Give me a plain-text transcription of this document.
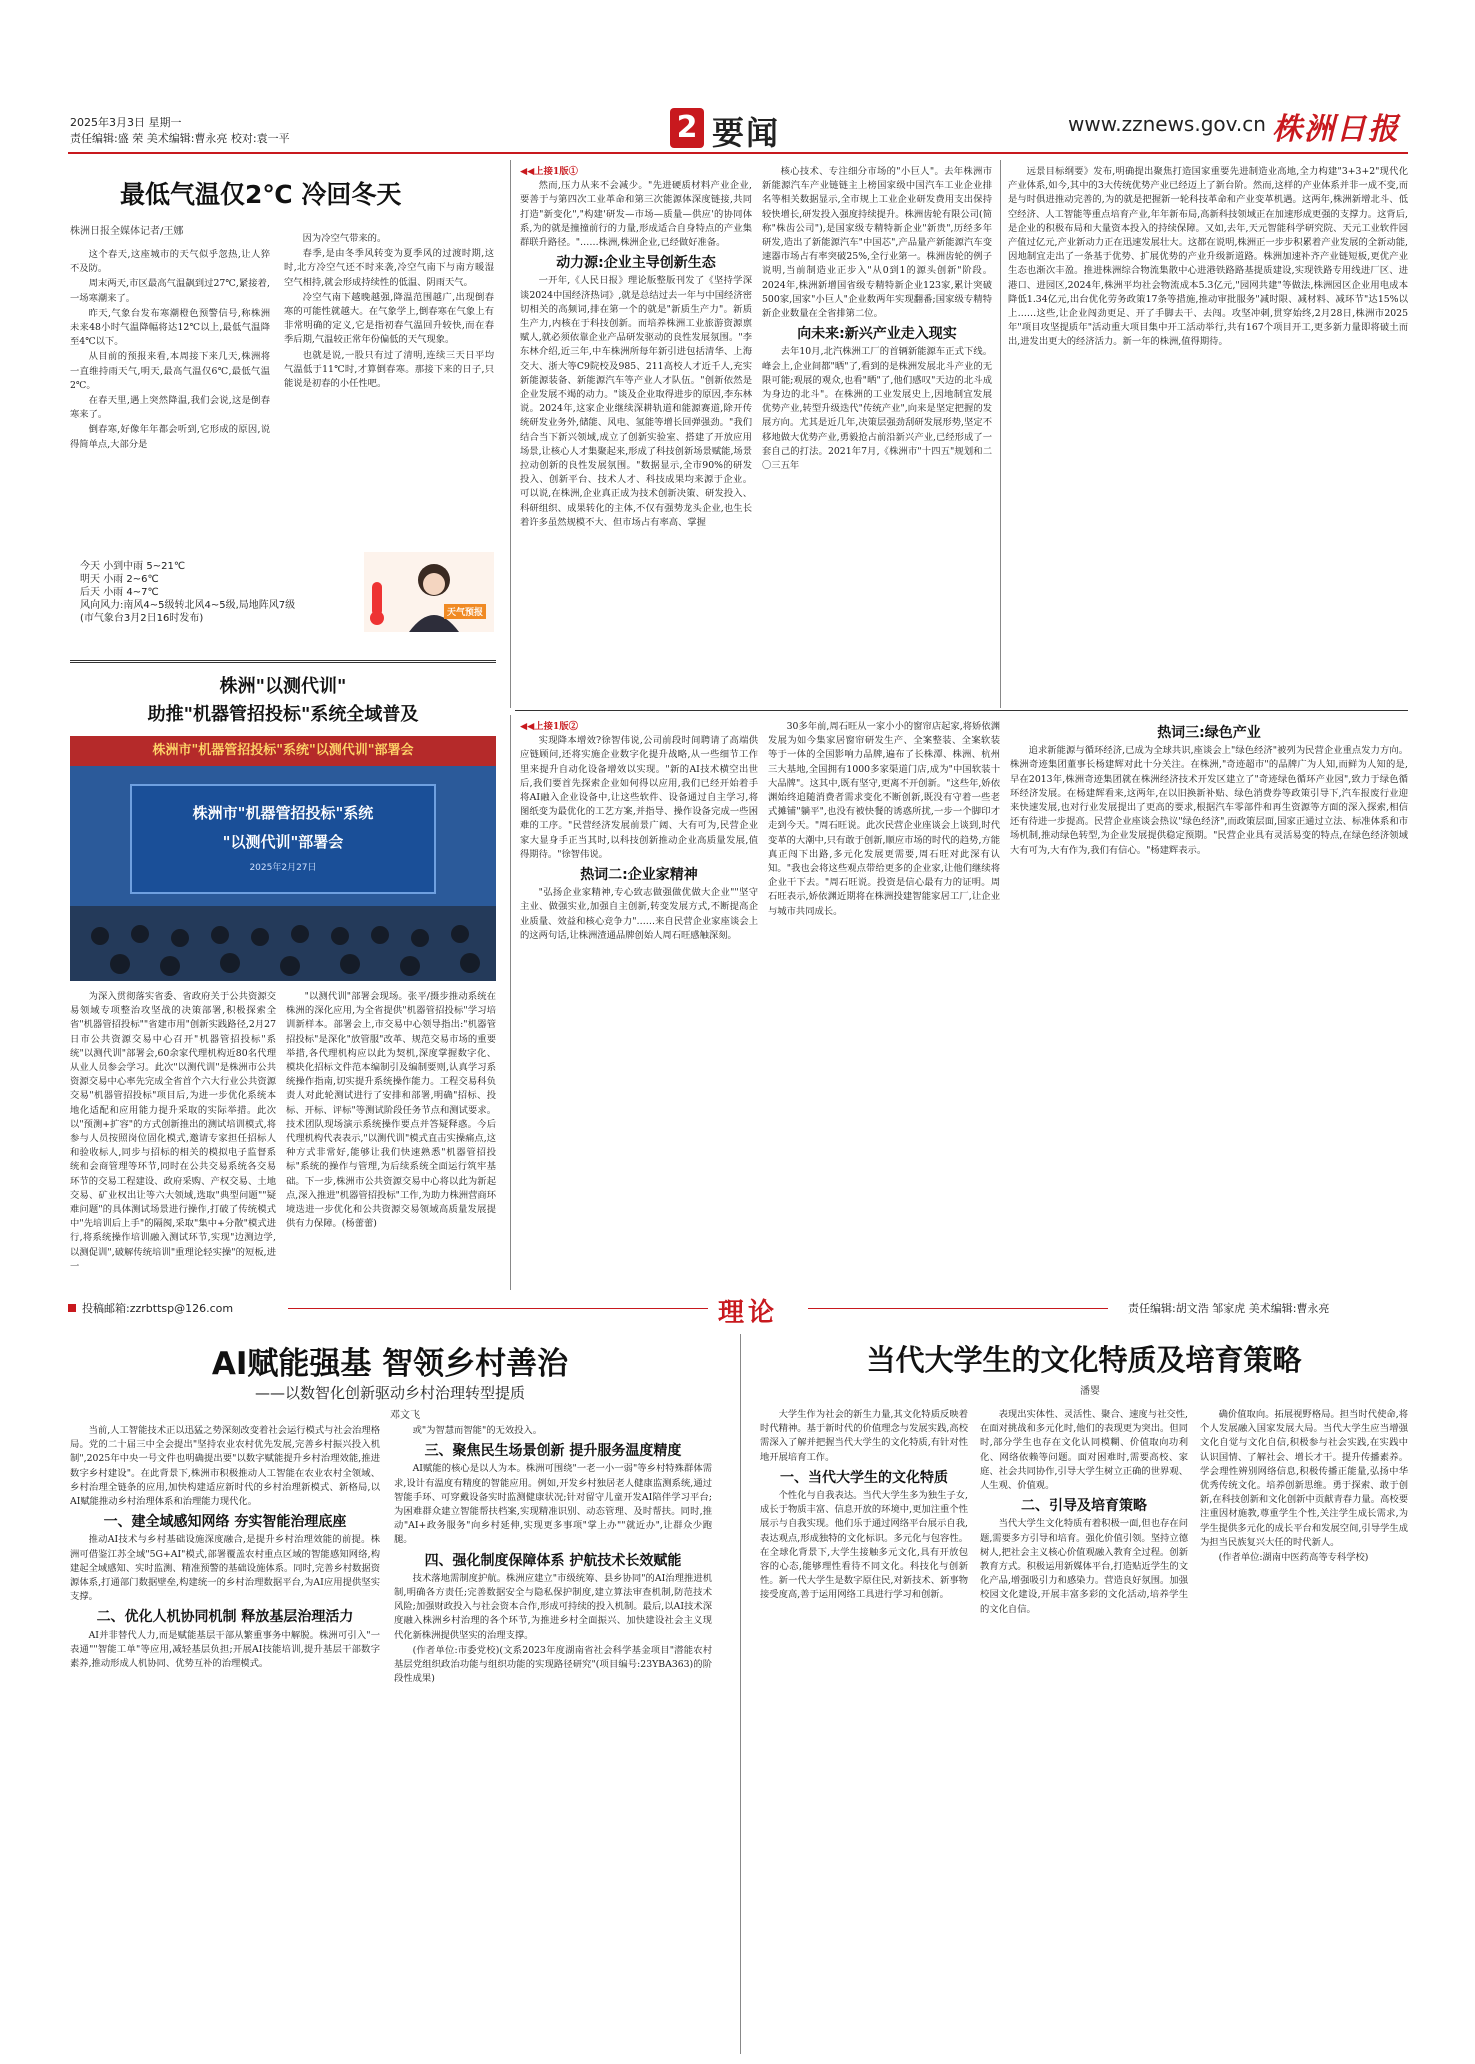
2025年3月3日 星期一
责任编辑:盛 荣 美术编辑:曹永亮 校对:袁一平	2 要闻	www.zznews.gov.cn 株洲日报
最低气温仅2℃ 冷回冬天
株洲日报全媒体记者/王娜

这个春天,这座城市的天气似乎忽热,让人猝不及防。

周末两天,市区最高气温飙到过27℃,紧接着,一场寒潮来了。

昨天,气象台发布寒潮橙色预警信号,称株洲未来48小时气温降幅将达12℃以上,最低气温降至4℃以下。

从目前的预报来看,本周接下来几天,株洲将一直维持雨天气,明天,最高气温仅6℃,最低气温2℃。

在春天里,遇上突然降温,我们会说,这是倒春寒来了。

倒春寒,好像年年都会听到,它形成的原因,说得简单点,大部分是

因为冷空气带来的。

春季,是由冬季风转变为夏季风的过渡时期,这时,北方冷空气还不时来袭,冷空气南下与南方暖湿空气相持,就会形成持续性的低温、阴雨天气。

冷空气南下越晚越强,降温范围越广,出现倒春寒的可能性就越大。在气象学上,倒春寒在气象上有非常明确的定义,它是指初春气温回升较快,而在春季后期,气温较正常年份偏低的天气现象。

也就是说,一股只有过了清明,连续三天日平均气温低于11℃时,才算倒春寒。那接下来的日子,只能说是初春的小任性吧。

今天 小到中雨 5~21℃
明天 小雨 2~6℃
后天 小雨 4~7℃
风向风力:南风4~5级转北风4~5级,局地阵风7级
(市气象台3月2日16时发布)	天气预报
株洲"以测代训"
助推"机器管招投标"系统全域普及
株洲市"机器管招投标"系统"以测代训"部署会
株洲市"机器管招投标"系统
"以测代训"部署会
2025年2月27日

为深入贯彻落实省委、省政府关于公共资源交易领域专项整治攻坚战的决策部署,积极探索全省"机器管招投标""省建市用"创新实践路径,2月27日市公共资源交易中心召开"机器管招投标"系统"以测代训"部署会,60余家代理机构近80名代理从业人员参会学习。此次"以测代训"是株洲市公共资源交易中心率先完成全省首个六大行业公共资源交易"机器管招投标"项目后,为进一步优化系统本地化适配和应用能力提升采取的实际举措。此次以"预测+扩容"的方式创新推出的测试培训模式,将参与人员按照岗位固化模式,邀请专家担任招标人和验收标人,同步与招标的相关的模拟电子监督系统和会商管理等环节,同时在公共交易系统各交易环节的交易工程建设、政府采购、产权交易、土地交易、矿业权出让等六大领域,选取"典型问题""疑难问题"的具体测试场景进行操作,打破了传统模式中"先培训后上手"的隔阂,采取"集中+分散"模式进行,将系统操作培训融入测试环节,实现"边测边学,以测促训",破解传统培训"重理论轻实操"的短板,进一

"以测代训"部署会现场。张平/摄步推动系统在株洲的深化应用,为全省提供"机器管招投标"学习培训新样本。部署会上,市交易中心领导指出:"机器管招投标"是深化"放管服"改革、规范交易市场的重要举措,各代理机构应以此为契机,深度掌握数字化、模块化招标文件范本编制引及编制要则,认真学习系统操作指南,切实提升系统操作能力。工程交易科负责人对此轮测试进行了安排和部署,明确"招标、投标、开标、评标"等测试阶段任务节点和测试要求。技术团队现场演示系统操作要点并答疑释惑。今后代理机构代表表示,"以测代训"模式直击实操痛点,这种方式非常好,能够让我们快速熟悉"机器管招投标"系统的操作与管理,为后续系统全面运行筑牢基础。下一步,株洲市公共资源交易中心将以此为新起点,深入推进"机器管招投标"工作,为助力株洲营商环境迭进一步优化和公共资源交易领域高质量发展提供有力保障。(杨蕾蕾)

◀◀上接1版①

然而,压力从来不会减少。"先进硬质材料产业企业,要善于与第四次工业革命和第三次能源体深度链接,共同打造"新变化","构建'研发—市场—质量—供应'的协同体系,为的就是撞撞前行的力量,形成适合自身特点的产业集群联升路径。"……株洲,株洲企业,已经做好准备。

动力源:企业主导创新生态

一开年,《人民日报》理论版整版刊发了《坚持学深谈2024中国经济热词》,就是总结过去一年与中国经济密切相关的高频词,排在第一个的就是"新质生产力"。新质生产力,内核在于科技创新。而培养株洲工业旅游资源禀赋人,就必须依靠企业产品研发驱动的良性发展氛围。"李东林介绍,近三年,中车株洲所每年新引进包括清华、上海交大、浙大等C9院校及985、211高校人才近千人,充实新能源装备、新能源汽车等产业人才队伍。"创新依然是企业发展不竭的动力。"谈及企业取得进步的原因,李东林说。2024年,这家企业继续深耕轨道和能源赛道,除开传统研发业务外,储能、风电、氢能等增长回弹强劲。"我们结合当下新兴领域,成立了创新实验室、搭建了开放应用场景,让核心人才集聚起来,形成了科技创新场景赋能,场景拉动创新的良性发展氛围。"数据显示,全市90%的研发投入、创新平台、技术人才、科技成果均来源于企业。可以说,在株洲,企业真正成为技术创新决策、研发投入、科研组织、成果转化的主体,不仅有强势龙头企业,也生长着许多虽然规模不大、但市场占有率高、掌握

核心技术、专注细分市场的"小巨人"。去年株洲市新能源汽车产业链链主上榜国家级中国汽车工业企业排名等相关数据显示,全市规上工业企业研发费用支出保持较快增长,研发投入强度持续提升。株洲齿轮有限公司(简称"株齿公司"),是国家级专精特新企业"新贵",历经多年研发,造出了新能源汽车"中国芯",产品量产新能源汽车变速器市场占有率突破25%,全行业第一。株洲齿轮的例子说明,当前制造业正步入"从0到1的源头创新"阶段。2024年,株洲新增国省级专精特新企业123家,累计突破500家,国家"小巨人"企业数两年实现翻番;国家级专精特新企业数量在全省排第二位。

向未来:新兴产业走入现实

去年10月,北汽株洲工厂的首辆新能源车正式下线。峰会上,企业间都"晒"了,看到的是株洲发展北斗产业的无限可能;观展的观众,也看"晒"了,他们感叹"天边的北斗成为身边的北斗"。在株洲的工业发展史上,因地制宜发展优势产业,转型升级迭代"传统产业",向来是坚定把握的发展方向。尤其是近几年,决策层强劲刮研发展形势,坚定不移地做大优势产业,勇毅抢占前沿新兴产业,已经形成了一套自己的打法。2021年7月,《株洲市"十四五"规划和二〇三五年

远景目标纲要》发布,明确提出聚焦打造国家重要先进制造业高地,全力构建"3+3+2"现代化产业体系,如今,其中的3大传统优势产业已经迈上了新台阶。然而,这样的产业体系并非一成不变,而是与时俱进推动完善的,为的就是把握新一轮科技革命和产业变革机遇。这两年,株洲新增北斗、低空经济、人工智能等重点培育产业,年年新布局,高新科技领域正在加速形成更强的支撑力。这背后,是企业的积极布局和大量资本投入的持续保障。又如,去年,天元智能科学研究院、天元工业软件园产值过亿元,产业新动力正在迅速发展壮大。这都在说明,株洲正一步步积累着产业发展的全新动能,因地制宜走出了一条基于优势、扩展优势的产业升级新道路。株洲加速补齐产业链短板,更优产业生态也渐次丰盈。推进株洲综合物流集散中心进港铁路路基提质建设,实现铁路专用线进厂区、进港口、进园区,2024年,株洲平均社会物流成本5.3亿元,"园网共建"等做法,株洲园区企业用电成本降低1.34亿元,出台优化劳务政策17条等措施,推动审批服务"减时限、减材料、减环节"达15%以上……这些,让企业闯劲更足、开了手脚去干、去闯。攻坚冲刺,贯穿始终,2月28日,株洲市2025年"项目攻坚提质年"活动重大项目集中开工活动举行,共有167个项目开工,更多新力量即将破土而出,进发出更大的经济活力。新一年的株洲,值得期待。

◀◀上接1版②

实现降本增效?徐智伟说,公司前段时间聘请了高端供应链顾问,还将实施企业数字化提升战略,从一些细节工作里来提升自动化设备增效以实现。"新的AI技术横空出世后,我们要首先探索企业如何得以应用,我们已经开始着手将AI融入企业设备中,让这些软件、设备通过自主学习,将图纸变为最优化的工艺方案,并指导、操作设备完成一些困难的工序。"民营经济发展前景广阔、大有可为,民营企业家大显身手正当其时,以科技创新推动企业高质量发展,值得期待。"徐智伟说。

热词二:企业家精神

"弘扬企业家精神,专心致志做强做优做大企业""坚守主业、做强实业,加强自主创新,转变发展方式,不断提高企业质量、效益和核心竞争力"……来自民营企业家座谈会上的这两句话,让株洲渣通品牌创始人周石旺感触深刻。

30多年前,周石旺从一家小小的窗帘店起家,将娇依渊发展为如今集家居窗帘研发生产、全案整装、全案软装等于一体的全国影响力品牌,遍布了长株潭、株洲、杭州三大基地,全国拥有1000多家渠道门店,成为"中国软装十大品牌"。这其中,既有坚守,更离不开创新。"这些年,娇依渊始终追随消费者需求变化不断创新,既没有守着一些老式摊铺"躺平",也没有被快餐的诱惑所扰,一步一个脚印才走到今天。"周石旺说。此次民营企业座谈会上谈到,时代变革的大潮中,只有敢于创新,顺应市场的时代的趋势,方能真正闯下出路,多元化发展更需要,周石旺对此深有认知。"我也会将这些观点带给更多的企业家,让他们继续将企业干下去。"周石旺说。投资是信心最有力的证明。周石旺表示,娇依渊近期将在株洲投建智能家居工厂,让企业与城市共同成长。

热词三:绿色产业

追求新能源与循环经济,已成为全球共识,座谈会上"绿色经济"被列为民营企业重点发力方向。株洲奇迹集团董事长杨建辉对此十分关注。在株洲,"奇迹超市"的品牌广为人知,而鲜为人知的是,早在2013年,株洲奇迹集团就在株洲经济技术开发区建立了"奇迹绿色循环产业园",致力于绿色循环经济发展。在杨建辉看来,这两年,在以旧换新补贴、绿色消费券等政策引导下,汽车报废行业迎来快速发展,也对行业发展提出了更高的要求,根据汽车零部件和再生资源等方面的深入探索,相信还有待进一步提高。民营企业座谈会热议"绿色经济",而政策层面,国家正通过立法、标准体系和市场机制,推动绿色转型,为企业发展提供稳定预期。"民营企业具有灵活易变的特点,在绿色经济领域大有可为,大有作为,我们有信心。"杨建辉表示。

投稿邮箱:zzrbttsp@126.com	理论	责任编辑:胡文浩 邹家虎 美术编辑:曹永亮
AI赋能强基 智领乡村善治
——以数智化创新驱动乡村治理转型提质
邓文飞

当前,人工智能技术正以迅猛之势深刻改变着社会运行模式与社会治理格局。党的二十届三中全会提出"坚持农业农村优先发展,完善乡村振兴投入机制",2025年中央一号文件也明确提出要"以数字赋能提升乡村治理效能,推进数字乡村建设"。在此背景下,株洲市积极推动人工智能在农业农村全领域、乡村治理全链条的应用,加快构建适应新时代的乡村治理新模式、新格局,以AI赋能推动乡村治理体系和治理能力现代化。

一、建全域感知网络 夯实智能治理底座

推动AI技术与乡村基础设施深度融合,是提升乡村治理效能的前提。株洲可借鉴江苏全域"5G+AI"模式,部署覆盖农村重点区域的智能感知网络,构建起全域感知、实时监测、精准预警的基础设施体系。同时,完善乡村数据资源体系,打通部门数据壁垒,构建统一的乡村治理数据平台,为AI应用提供坚实支撑。

二、优化人机协同机制 释放基层治理活力

AI并非替代人力,而是赋能基层干部从繁重事务中解脱。株洲可引入"一表通""智能工单"等应用,减轻基层负担;开展AI技能培训,提升基层干部数字素养,推动形成人机协同、优势互补的治理模式。

或"为智慧而智能"的无效投入。

三、聚焦民生场景创新 提升服务温度精度

AI赋能的核心是以人为本。株洲可围绕"一老一小一弱"等乡村特殊群体需求,设计有温度有精度的智能应用。例如,开发乡村独居老人健康监测系统,通过智能手环、可穿戴设备实时监测健康状况;针对留守儿童开发AI陪伴学习平台;为困难群众建立智能帮扶档案,实现精准识别、动态管理、及时帮扶。同时,推动"AI+政务服务"向乡村延伸,实现更多事项"掌上办""就近办",让群众少跑腿。

四、强化制度保障体系 护航技术长效赋能

技术落地需制度护航。株洲应建立"市级统筹、县乡协同"的AI治理推进机制,明确各方责任;完善数据安全与隐私保护制度,建立算法审查机制,防范技术风险;加强财政投入与社会资本合作,形成可持续的投入机制。最后,以AI技术深度融入株洲乡村治理的各个环节,为推进乡村全面振兴、加快建设社会主义现代化新株洲提供坚实的治理支撑。

(作者单位:市委党校)(文系2023年度湖南省社会科学基金项目"潜能农村基层党组织政治功能与组织功能的实现路径研究"(项目编号:23YBA363)的阶段性成果)

当代大学生的文化特质及培育策略
潘婴

大学生作为社会的新生力量,其文化特质反映着时代精神。基于新时代的价值理念与发展实践,高校需深入了解并把握当代大学生的文化特质,有针对性地开展培育工作。

一、当代大学生的文化特质

个性化与自我表达。当代大学生多为独生子女,成长于物质丰富、信息开放的环境中,更加注重个性展示与自我实现。他们乐于通过网络平台展示自我,表达观点,形成独特的文化标识。多元化与包容性。在全球化背景下,大学生接触多元文化,具有开放包容的心态,能够理性看待不同文化。科技化与创新性。新一代大学生是数字原住民,对新技术、新事物接受度高,善于运用网络工具进行学习和创新。

表现出实体性、灵活性、聚合、速度与社交性,在面对挑战和多元化时,他们的表现更为突出。但同时,部分学生也存在文化认同模糊、价值取向功利化、网络依赖等问题。面对困难时,需要高校、家庭、社会共同协作,引导大学生树立正确的世界观、人生观、价值观。

二、引导及培育策略

当代大学生文化特质有着积极一面,但也存在问题,需要多方引导和培育。强化价值引领。坚持立德树人,把社会主义核心价值观融入教育全过程。创新教育方式。积极运用新媒体平台,打造贴近学生的文化产品,增强吸引力和感染力。营造良好氛围。加强校园文化建设,开展丰富多彩的文化活动,培养学生的文化自信。

确价值取向。拓展视野格局。担当时代使命,将个人发展融入国家发展大局。当代大学生应当增强文化自觉与文化自信,积极参与社会实践,在实践中认识国情、了解社会、增长才干。提升传播素养。学会理性辨别网络信息,积极传播正能量,弘扬中华优秀传统文化。培养创新思维。勇于探索、敢于创新,在科技创新和文化创新中贡献青春力量。高校要注重因材施教,尊重学生个性,关注学生成长需求,为学生提供多元化的成长平台和发展空间,引导学生成为担当民族复兴大任的时代新人。

(作者单位:湖南中医药高等专科学校)
